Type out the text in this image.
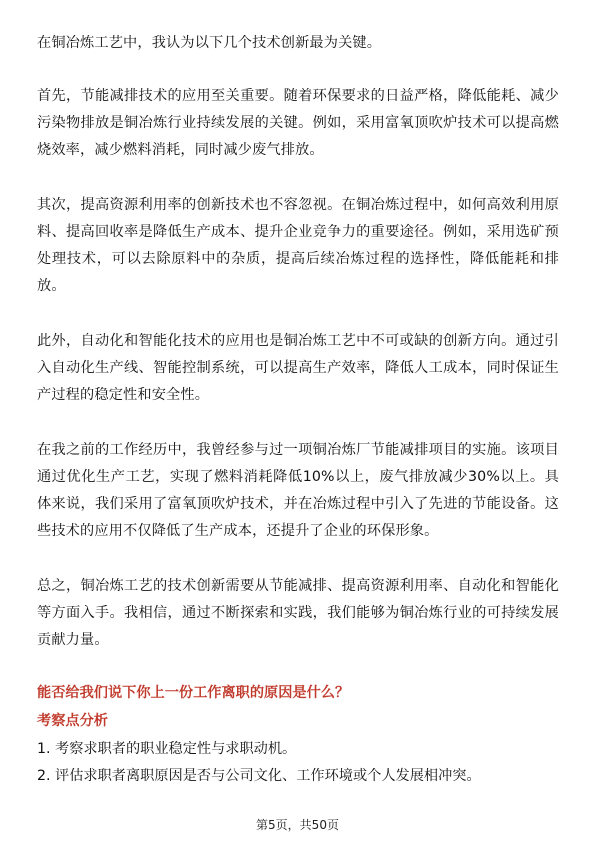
在铜冶炼工艺中，我认为以下几个技术创新最为关键。

首先，节能减排技术的应用至关重要。随着环保要求的日益严格，降低能耗、减少污染物排放是铜冶炼行业持续发展的关键。例如，采用富氧顶吹炉技术可以提高燃烧效率，减少燃料消耗，同时减少废气排放。

其次，提高资源利用率的创新技术也不容忽视。在铜冶炼过程中，如何高效利用原料、提高回收率是降低生产成本、提升企业竞争力的重要途径。例如，采用选矿预处理技术，可以去除原料中的杂质，提高后续冶炼过程的选择性，降低能耗和排放。

此外，自动化和智能化技术的应用也是铜冶炼工艺中不可或缺的创新方向。通过引入自动化生产线、智能控制系统，可以提高生产效率，降低人工成本，同时保证生产过程的稳定性和安全性。

在我之前的工作经历中，我曾经参与过一项铜冶炼厂节能减排项目的实施。该项目通过优化生产工艺，实现了燃料消耗降低10%以上，废气排放减少30%以上。具体来说，我们采用了富氧顶吹炉技术，并在冶炼过程中引入了先进的节能设备。这些技术的应用不仅降低了生产成本，还提升了企业的环保形象。

总之，铜冶炼工艺的技术创新需要从节能减排、提高资源利用率、自动化和智能化等方面入手。我相信，通过不断探索和实践，我们能够为铜冶炼行业的可持续发展贡献力量。

能否给我们说下你上一份工作离职的原因是什么？

考察点分析

1. 考察求职者的职业稳定性与求职动机。

2. 评估求职者离职原因是否与公司文化、工作环境或个人发展相冲突。

第5页，共50页
